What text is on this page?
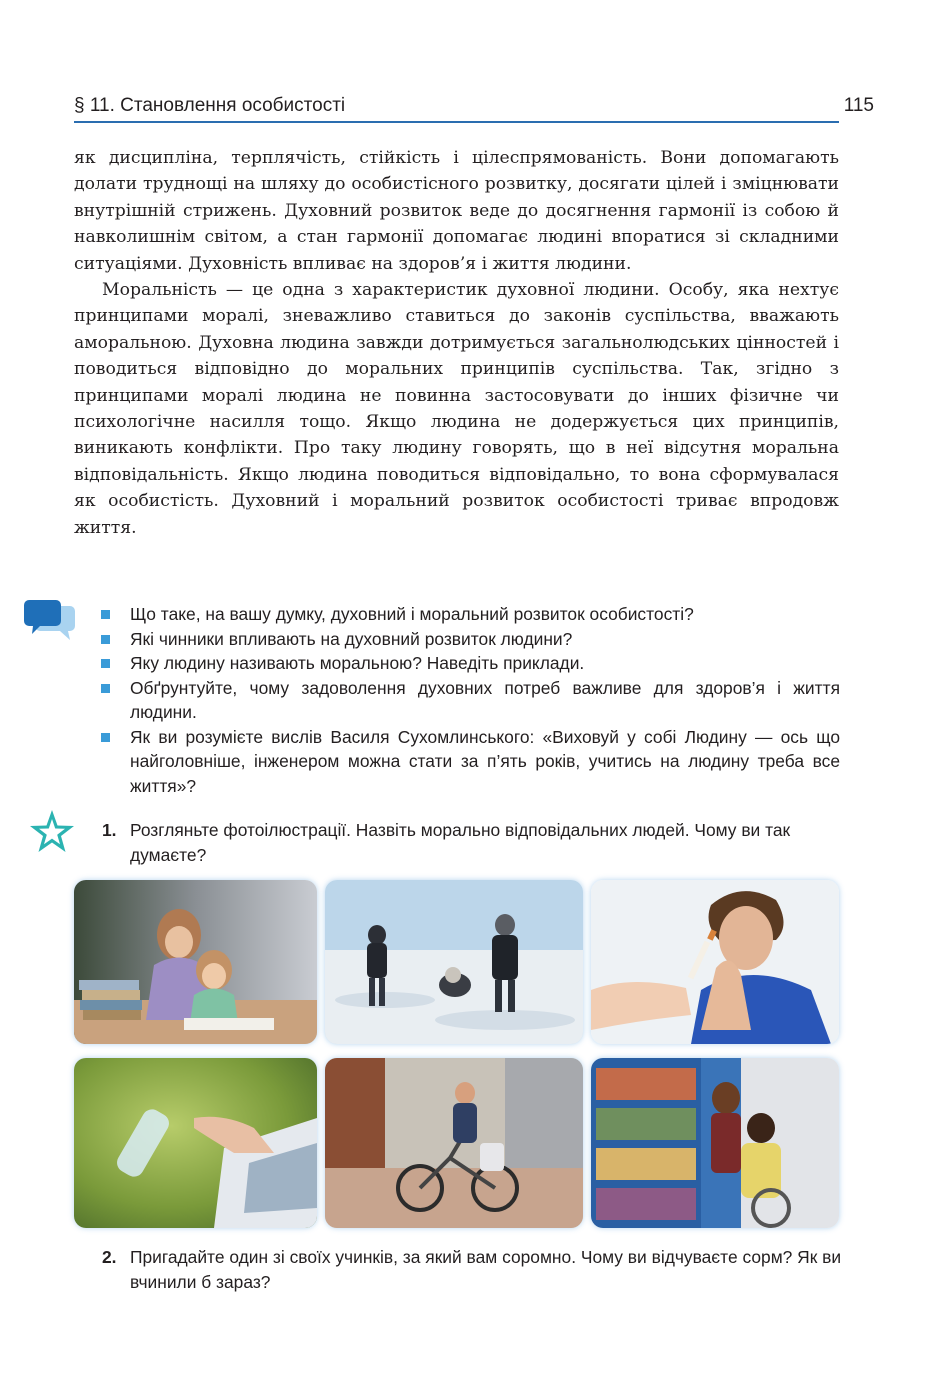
§ 11. Становлення особистості	115

як дисципліна, терплячість, стійкість і цілеспрямованість. Вони допомагають долати труднощі на шляху до особистісного розвитку, досягати цілей і зміцнювати внутрішній стрижень. Духовний розвиток веде до досягнення гармонії із собою й навколишнім світом, а стан гармонії допомагає людині впоратися зі складними ситуаціями. Духовність впливає на здоров’я і життя людини.

Моральність — це одна з характеристик духовної людини. Особу, яка нехтує принципами моралі, зневажливо ставиться до законів суспільства, вважають аморальною. Духовна людина завжди дотримується загальнолюдських цінностей і поводиться відповідно до моральних принципів суспільства. Так, згідно з принципами моралі людина не повинна застосовувати до інших фізичне чи психологічне насилля тощо. Якщо людина не додержується цих принципів, виникають конфлікти. Про таку людину говорять, що в неї відсутня моральна відповідальність. Якщо людина поводиться відповідально, то вона сформувалася як особистість. Духовний і моральний розвиток особистості триває впродовж життя.

Що таке, на вашу думку, духовний і моральний розвиток особистості?
Які чинники впливають на духовний розвиток людини?
Яку людину називають моральною? Наведіть приклади.
Обґрунтуйте, чому задоволення духовних потреб важливе для здоров’я і життя людини.
Як ви розумієте вислів Василя Сухомлинського: «Виховуй у собі Людину — ось що найголовніше, інженером можна стати за п’ять років, учитись на людину треба все життя»?
1. Розгляньте фотоілюстрації. Назвіть морально відповідальних людей. Чому ви так думаєте?
2. Пригадайте один зі своїх учинків, за який вам соромно. Чому ви відчуваєте сорм? Як ви вчинили б зараз?
